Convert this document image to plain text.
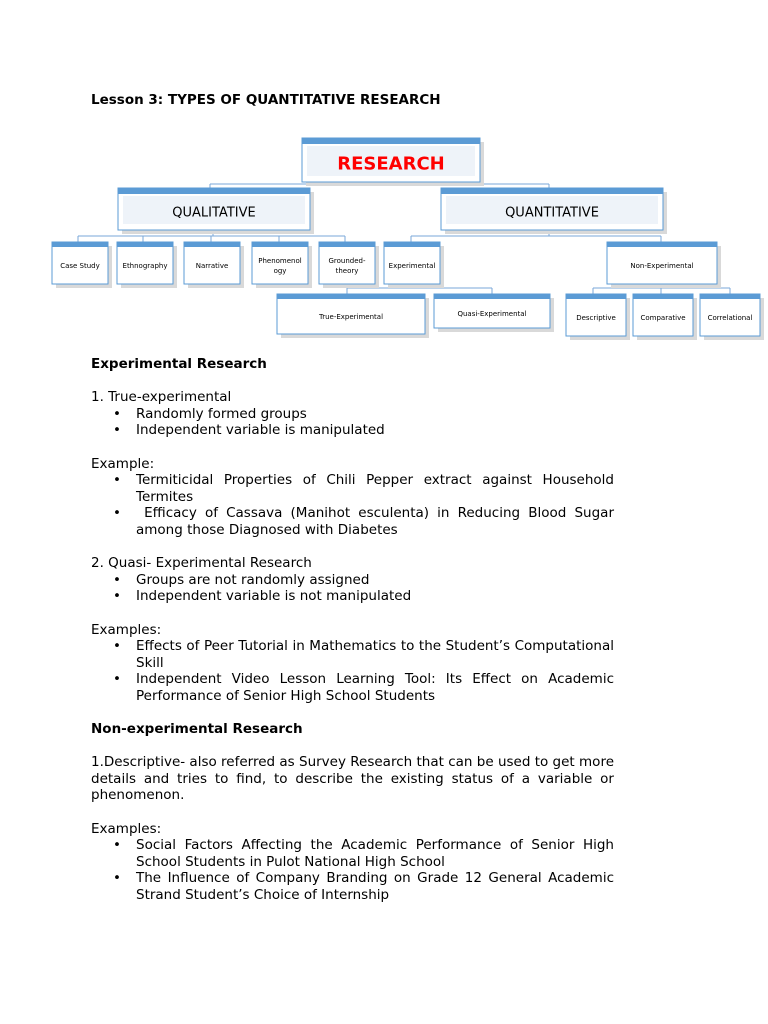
Lesson 3: TYPES OF QUANTITATIVE RESEARCH
RESEARCH
QUALITATIVE	QUANTITATIVE
Case Study	Ethnography	Narrative
Phenomenol
ogy
Grounded-
theory
Experimental	Non-Experimental
True-Experimental	Quasi-Experimental	Descriptive	Comparative	Correlational

Experimental Research

1. True-experimental

• Randomly formed groups
• Independent variable is manipulated

Example:

• Termiticidal Properties of Chili Pepper extract against Household Termites
• Efficacy of Cassava (Manihot esculenta) in Reducing Blood Sugar among those Diagnosed with Diabetes

2. Quasi- Experimental Research

• Groups are not randomly assigned
• Independent variable is not manipulated

Examples:

• Effects of Peer Tutorial in Mathematics to the Student’s Computational Skill
• Independent Video Lesson Learning Tool: Its Effect on Academic Performance of Senior High School Students

Non-experimental Research

1.Descriptive- also referred as Survey Research that can be used to get more details and tries to find, to describe the existing status of a variable or phenomenon.

Examples:

• Social Factors Affecting the Academic Performance of Senior High School Students in Pulot National High School
• The Influence of Company Branding on Grade 12 General Academic Strand Student’s Choice of Internship
